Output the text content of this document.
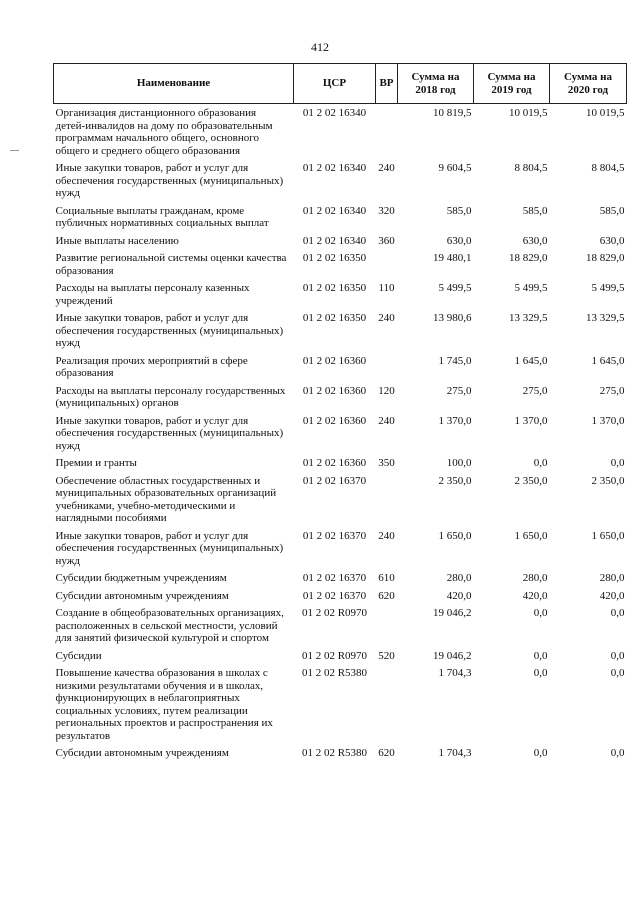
412
Наименование	ЦСР	ВР	Сумма на 2018 год	Сумма на 2019 год	Сумма на 2020 год
Организация дистанционного образования детей-инвалидов на дому по образовательным программам начального общего, основного общего и среднего общего образования	01 2 02 16340		10 819,5	10 019,5	10 019,5
Иные закупки товаров, работ и услуг для обеспечения государственных (муниципальных) нужд	01 2 02 16340	240	9 604,5	8 804,5	8 804,5
Социальные выплаты гражданам, кроме публичных нормативных социальных выплат	01 2 02 16340	320	585,0	585,0	585,0
Иные выплаты населению	01 2 02 16340	360	630,0	630,0	630,0
Развитие региональной системы оценки качества образования	01 2 02 16350		19 480,1	18 829,0	18 829,0
Расходы на выплаты персоналу казенных учреждений	01 2 02 16350	110	5 499,5	5 499,5	5 499,5
Иные закупки товаров, работ и услуг для обеспечения государственных (муниципальных) нужд	01 2 02 16350	240	13 980,6	13 329,5	13 329,5
Реализация прочих мероприятий в сфере образования	01 2 02 16360		1 745,0	1 645,0	1 645,0
Расходы на выплаты персоналу государственных (муниципальных) органов	01 2 02 16360	120	275,0	275,0	275,0
Иные закупки товаров, работ и услуг для обеспечения государственных (муниципальных) нужд	01 2 02 16360	240	1 370,0	1 370,0	1 370,0
Премии и гранты	01 2 02 16360	350	100,0	0,0	0,0
Обеспечение областных государственных и муниципальных образовательных организаций учебниками, учебно-методическими и наглядными пособиями	01 2 02 16370		2 350,0	2 350,0	2 350,0
Иные закупки товаров, работ и услуг для обеспечения государственных (муниципальных) нужд	01 2 02 16370	240	1 650,0	1 650,0	1 650,0
Субсидии бюджетным учреждениям	01 2 02 16370	610	280,0	280,0	280,0
Субсидии автономным учреждениям	01 2 02 16370	620	420,0	420,0	420,0
Создание в общеобразовательных организациях, расположенных в сельской местности, условий для занятий физической культурой и спортом	01 2 02 R0970		19 046,2	0,0	0,0
Субсидии	01 2 02 R0970	520	19 046,2	0,0	0,0
Повышение качества образования в школах с низкими результатами обучения и в школах, функционирующих в неблагоприятных социальных условиях, путем реализации региональных проектов и распространения их результатов	01 2 02 R5380		1 704,3	0,0	0,0
Субсидии автономным учреждениям	01 2 02 R5380	620	1 704,3	0,0	0,0
